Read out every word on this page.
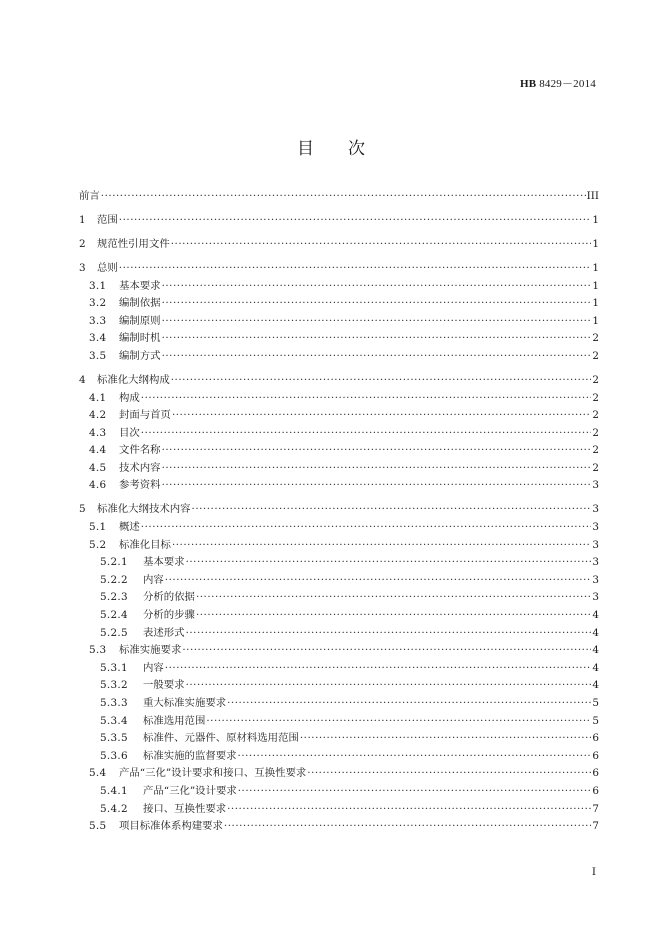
HB 8429－2014
目 次
前言 ·····	III
1	范围 ·····	1
2	规范性引用文件 ·····	1
3	总则 ·····	1
3.1	基本要求 ·····	1
3.2	编制依据 ·····	1
3.3	编制原则 ·····	1
3.4	编制时机 ·····	2
3.5	编制方式 ·····	2
4	标准化大纲构成 ·····	2
4.1	构成 ·····	2
4.2	封面与首页 ·····	2
4.3	目次 ·····	2
4.4	文件名称 ·····	2
4.5	技术内容 ·····	2
4.6	参考资料 ·····	3
5	标准化大纲技术内容 ·····	3
5.1	概述 ·····	3
5.2	标准化目标 ·····	3
5.2.1	基本要求 ·····	3
5.2.2	内容 ·····	3
5.2.3	分析的依据 ·····	3
5.2.4	分析的步骤 ·····	4
5.2.5	表述形式 ·····	4
5.3	标准实施要求 ·····	4
5.3.1	内容 ·····	4
5.3.2	一般要求 ·····	4
5.3.3	重大标准实施要求 ·····	5
5.3.4	标准选用范围 ·····	5
5.3.5	标准件、元器件、原材料选用范围 ·····	6
5.3.6	标准实施的监督要求 ·····	6
5.4	产品“三化”设计要求和接口、互换性要求 ·····	6
5.4.1	产品“三化”设计要求 ·····	6
5.4.2	接口、互换性要求 ·····	7
5.5	项目标准体系构建要求 ·····	7
I
